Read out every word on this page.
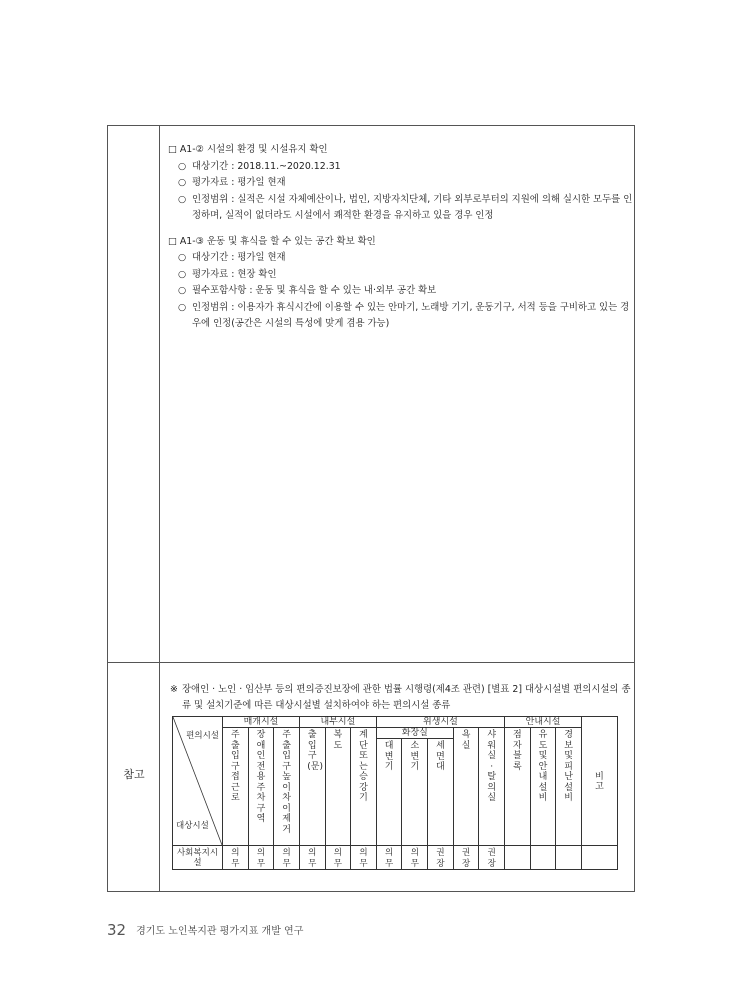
참고
□ A1-② 시설의 환경 및 시설유지 확인
○ 대상기간 : 2018.11.~2020.12.31
○ 평가자료 : 평가일 현재
○ 인정범위 : 실적은 시설 자체예산이나, 법인, 지방자치단체, 기타 외부로부터의 지원에 의해 실시한 모두를 인정하며, 실적이 없더라도 시설에서 쾌적한 환경을 유지하고 있을 경우 인정
□ A1-③ 운동 및 휴식을 할 수 있는 공간 확보 확인
○ 대상기간 : 평가일 현재
○ 평가자료 : 현장 확인
○ 필수포함사항 : 운동 및 휴식을 할 수 있는 내·외부 공간 확보
○ 인정범위 : 이용자가 휴식시간에 이용할 수 있는 안마기, 노래방 기기, 운동기구, 서적 등을 구비하고 있는 경우에 인정(공간은 시설의 특성에 맞게 겸용 가능)
※ 장애인 · 노인 · 임산부 등의 편의증진보장에 관한 법률 시행령(제4조 관련) [별표 2] 대상시설별 편의시설의 종류 및 설치기준에 따른 대상시설별 설치하여야 하는 편의시설 종류
편의시설
대상시설	매개시설			내부시설			위생시설					안내시설			비고
	주출입구접근로	장애인전용주차구역	주출입구높이차이제거	출입구(문)	복도	계단 또는 승강기	화장실			욕실	샤워실·탈의실	점자블록	유도 및 안내설비	경보 및 피난설비	
							대변기	소변기	세면대						
사회복지시설	의무	의무	의무	의무	의무	의무	의무	의무	권장	권장	권장				
32 경기도 노인복지관 평가지표 개발 연구
